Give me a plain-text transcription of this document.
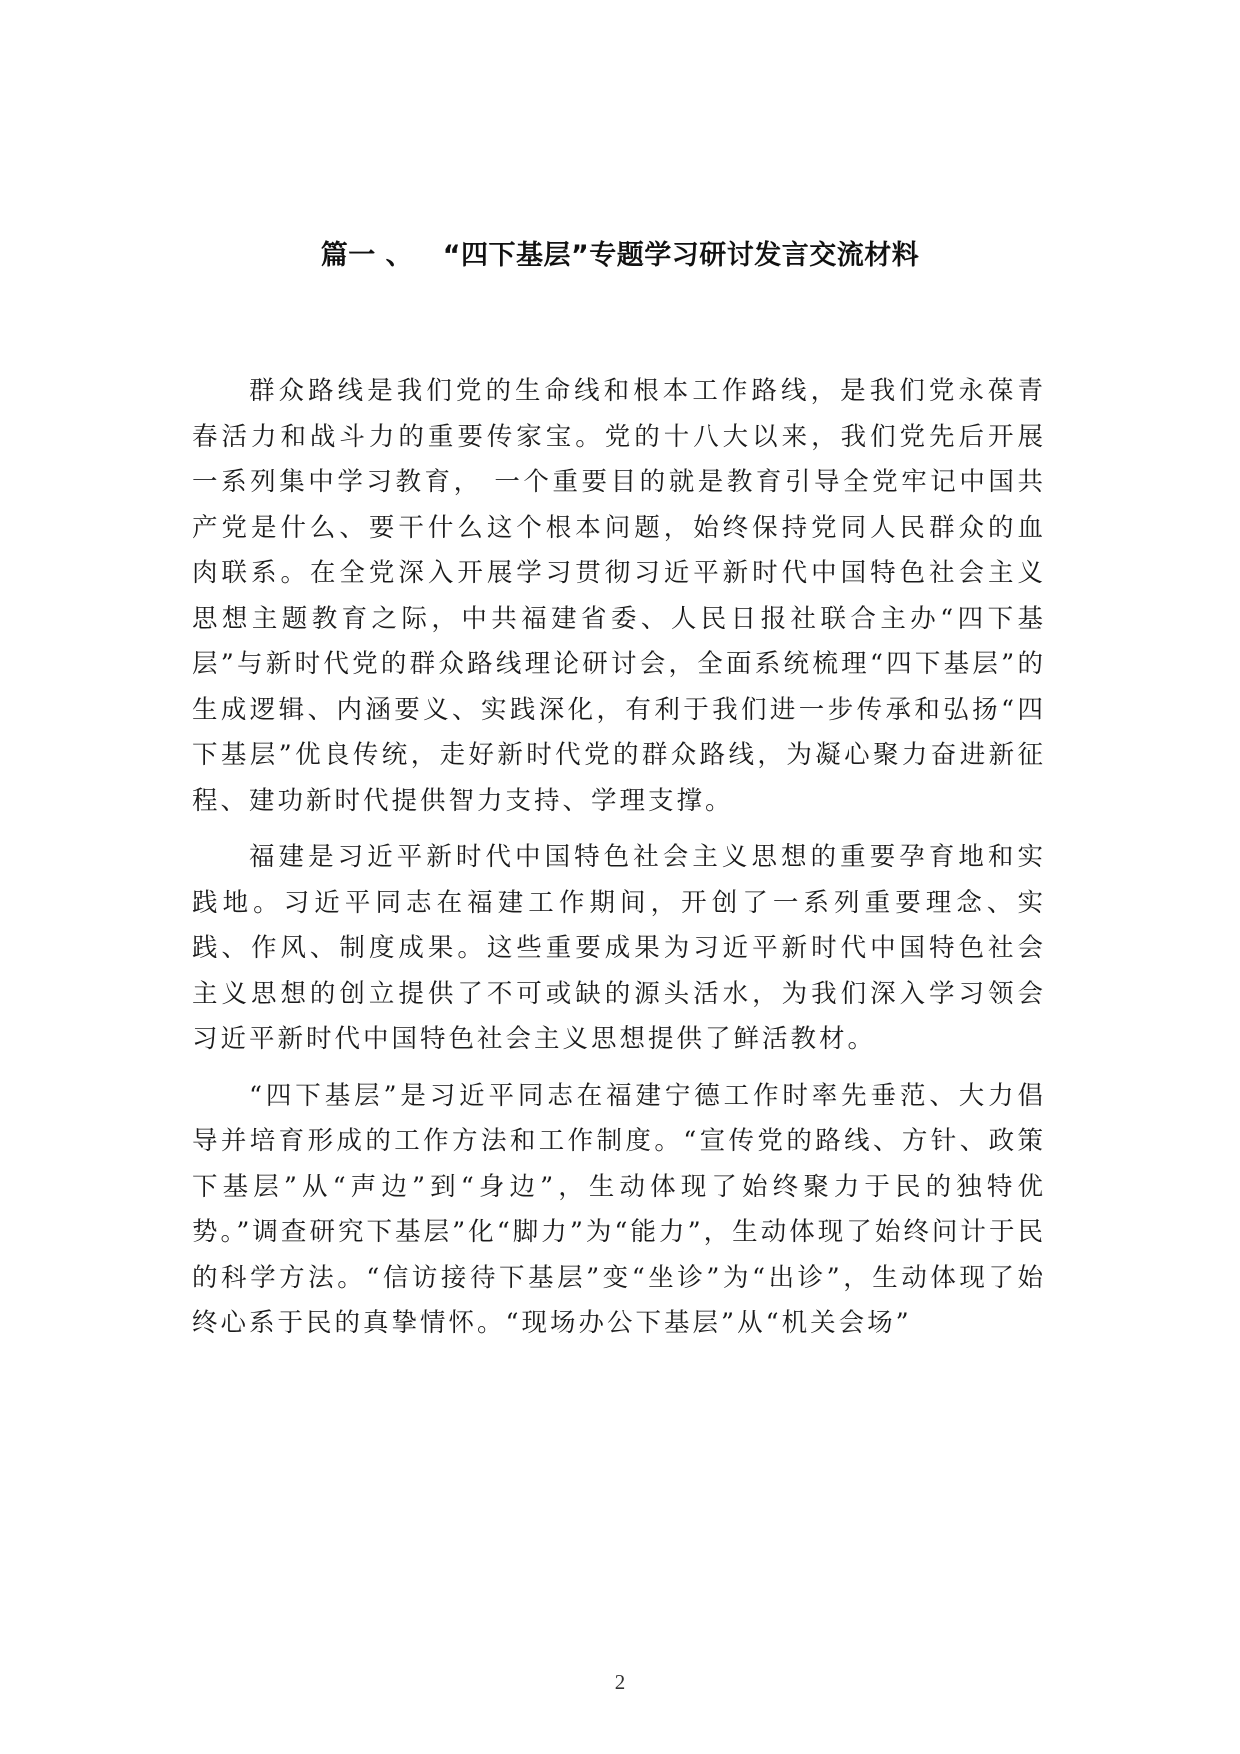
篇一 、   “四下基层”专题学习研讨发言交流材料

群众路线是我们党的生命线和根本工作路线，是我们党永葆青春活力和战斗力的重要传家宝。党的十八大以来，我们党先后开展一系列集中学习教育， 一个重要目的就是教育引导全党牢记中国共产党是什么、要干什么这个根本问题，始终保持党同人民群众的血肉联系。在全党深入开展学习贯彻习近平新时代中国特色社会主义思想主题教育之际，中共福建省委、人民日报社联合主办“四下基层”与新时代党的群众路线理论研讨会，全面系统梳理“四下基层”的生成逻辑、内涵要义、实践深化，有利于我们进一步传承和弘扬“四下基层”优良传统，走好新时代党的群众路线，为凝心聚力奋进新征程、建功新时代提供智力支持、学理支撑。

福建是习近平新时代中国特色社会主义思想的重要孕育地和实践地。习近平同志在福建工作期间，开创了一系列重要理念、实践、作风、制度成果。这些重要成果为习近平新时代中国特色社会主义思想的创立提供了不可或缺的源头活水，为我们深入学习领会习近平新时代中国特色社会主义思想提供了鲜活教材。

“四下基层”是习近平同志在福建宁德工作时率先垂范、大力倡导并培育形成的工作方法和工作制度。“宣传党的路线、方针、政策下基层”从“声边”到“身边”，生动体现了始终聚力于民的独特优势。”调查研究下基层”化“脚力”为“能力”，生动体现了始终问计于民的科学方法。“信访接待下基层”变“坐诊”为“出诊”，生动体现了始终心系于民的真挚情怀。“现场办公下基层”从“机关会场”

2
